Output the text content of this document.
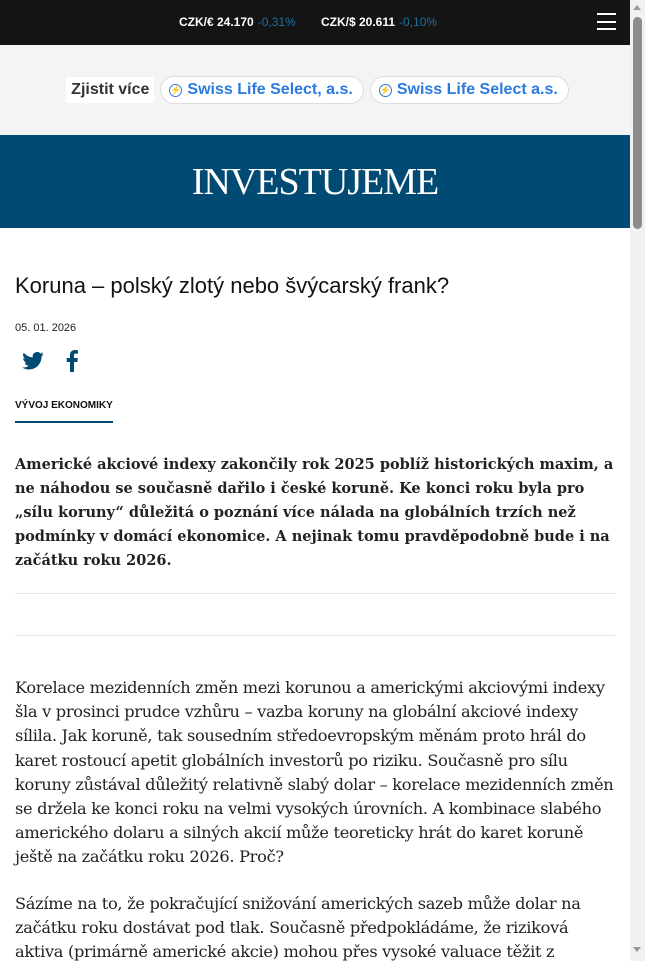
CZK/€ 24.170 -0,31% CZK/$ 20.611 -0,10%
Zjistit více	⚡ Swiss Life Select, a.s.	⚡ Swiss Life Select a.s.
INVESTUJEME
Koruna – polský zlotý nebo švýcarský frank?
05. 01. 2026
VÝVOJ EKONOMIKY
Americké akciové indexy zakončily rok 2025 poblíž historických maxim, a ne náhodou se současně dařilo i české koruně. Ke konci roku byla pro „sílu koruny“ důležitá o poznání více nálada na globálních trzích než podmínky v domácí ekonomice. A nejinak tomu pravděpodobně bude i na začátku roku 2026.

Korelace mezidenních změn mezi korunou a americkými akciovými indexy šla v prosinci prudce vzhůru – vazba koruny na globální akciové indexy sílila. Jak koruně, tak sousedním středoevropským měnám proto hrál do karet rostoucí apetit globálních investorů po riziku. Současně pro sílu koruny zůstával důležitý relativně slabý dolar – korelace mezidenních změn se držela ke konci roku na velmi vysokých úrovních. A kombinace slabého amerického dolaru a silných akcií může teoreticky hrát do karet koruně ještě na začátku roku 2026. Proč?

Sázíme na to, že pokračující snižování amerických sazeb může dolar na začátku roku dostávat pod tlak. Současně předpokládáme, že riziková aktiva (primárně americké akcie) mohou přes vysoké valuace těžit z
